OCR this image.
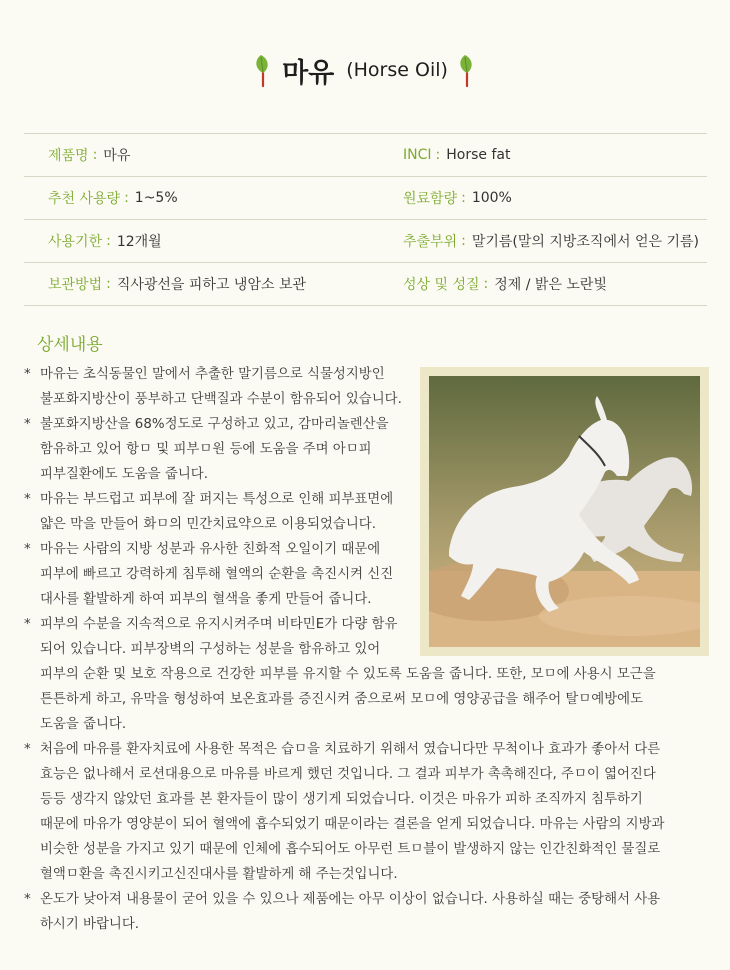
마유 (Horse Oil)
제품명 : 마유	INCI : Horse fat
추천 사용량 : 1~5%	원료함량 : 100%
사용기한 : 12개월	추출부위 : 말기름(말의 지방조직에서 얻은 기름)
보관방법 : 직사광선을 피하고 냉암소 보관	성상 및 성질 : 정제 / 밝은 노란빛
상세내용
* 마유는 초식동물인 말에서 추출한 말기름으로 식물성지방인
불포화지방산이 풍부하고 단백질과 수분이 함유되어 있습니다.
* 불포화지방산을 68%정도로 구성하고 있고, 감마리놀렌산을
함유하고 있어 항ㅁ 및 피부ㅁ원 등에 도움을 주며 아ㅁ피
피부질환에도 도움을 줍니다.
* 마유는 부드럽고 피부에 잘 퍼지는 특성으로 인해 피부표면에
얇은 막을 만들어 화ㅁ의 민간치료약으로 이용되었습니다.
* 마유는 사람의 지방 성분과 유사한 친화적 오일이기 때문에
피부에 빠르고 강력하게 침투해 혈액의 순환을 촉진시켜 신진
대사를 활발하게 하여 피부의 혈색을 좋게 만들어 줍니다.
* 피부의 수분을 지속적으로 유지시켜주며 비타민E가 다량 함유
되어 있습니다. 피부장벽의 구성하는 성분을 함유하고 있어
피부의 순환 및 보호 작용으로 건강한 피부를 유지할 수 있도록 도움을 줍니다. 또한, 모ㅁ에 사용시 모근을
튼튼하게 하고, 유막을 형성하여 보온효과를 증진시켜 줌으로써 모ㅁ에 영양공급을 해주어 탈ㅁ예방에도
도움을 줍니다.
* 처음에 마유를 환자치료에 사용한 목적은 습ㅁ을 치료하기 위해서 였습니다만 무척이나 효과가 좋아서 다른
효능은 없나해서 로션대용으로 마유를 바르게 했던 것입니다. 그 결과 피부가 촉촉해진다, 주ㅁ이 엷어진다
등등 생각지 않았던 효과를 본 환자들이 많이 생기게 되었습니다. 이것은 마유가 피하 조직까지 침투하기
때문에 마유가 영양분이 되어 혈액에 흡수되었기 때문이라는 결론을 얻게 되었습니다. 마유는 사람의 지방과
비슷한 성분을 가지고 있기 때문에 인체에 흡수되어도 아무런 트ㅁ블이 발생하지 않는 인간친화적인 물질로
혈액ㅁ환을 촉진시키고신진대사를 활발하게 해 주는것입니다.
* 온도가 낮아져 내용물이 굳어 있을 수 있으나 제품에는 아무 이상이 없습니다. 사용하실 때는 중탕해서 사용
하시기 바랍니다.
